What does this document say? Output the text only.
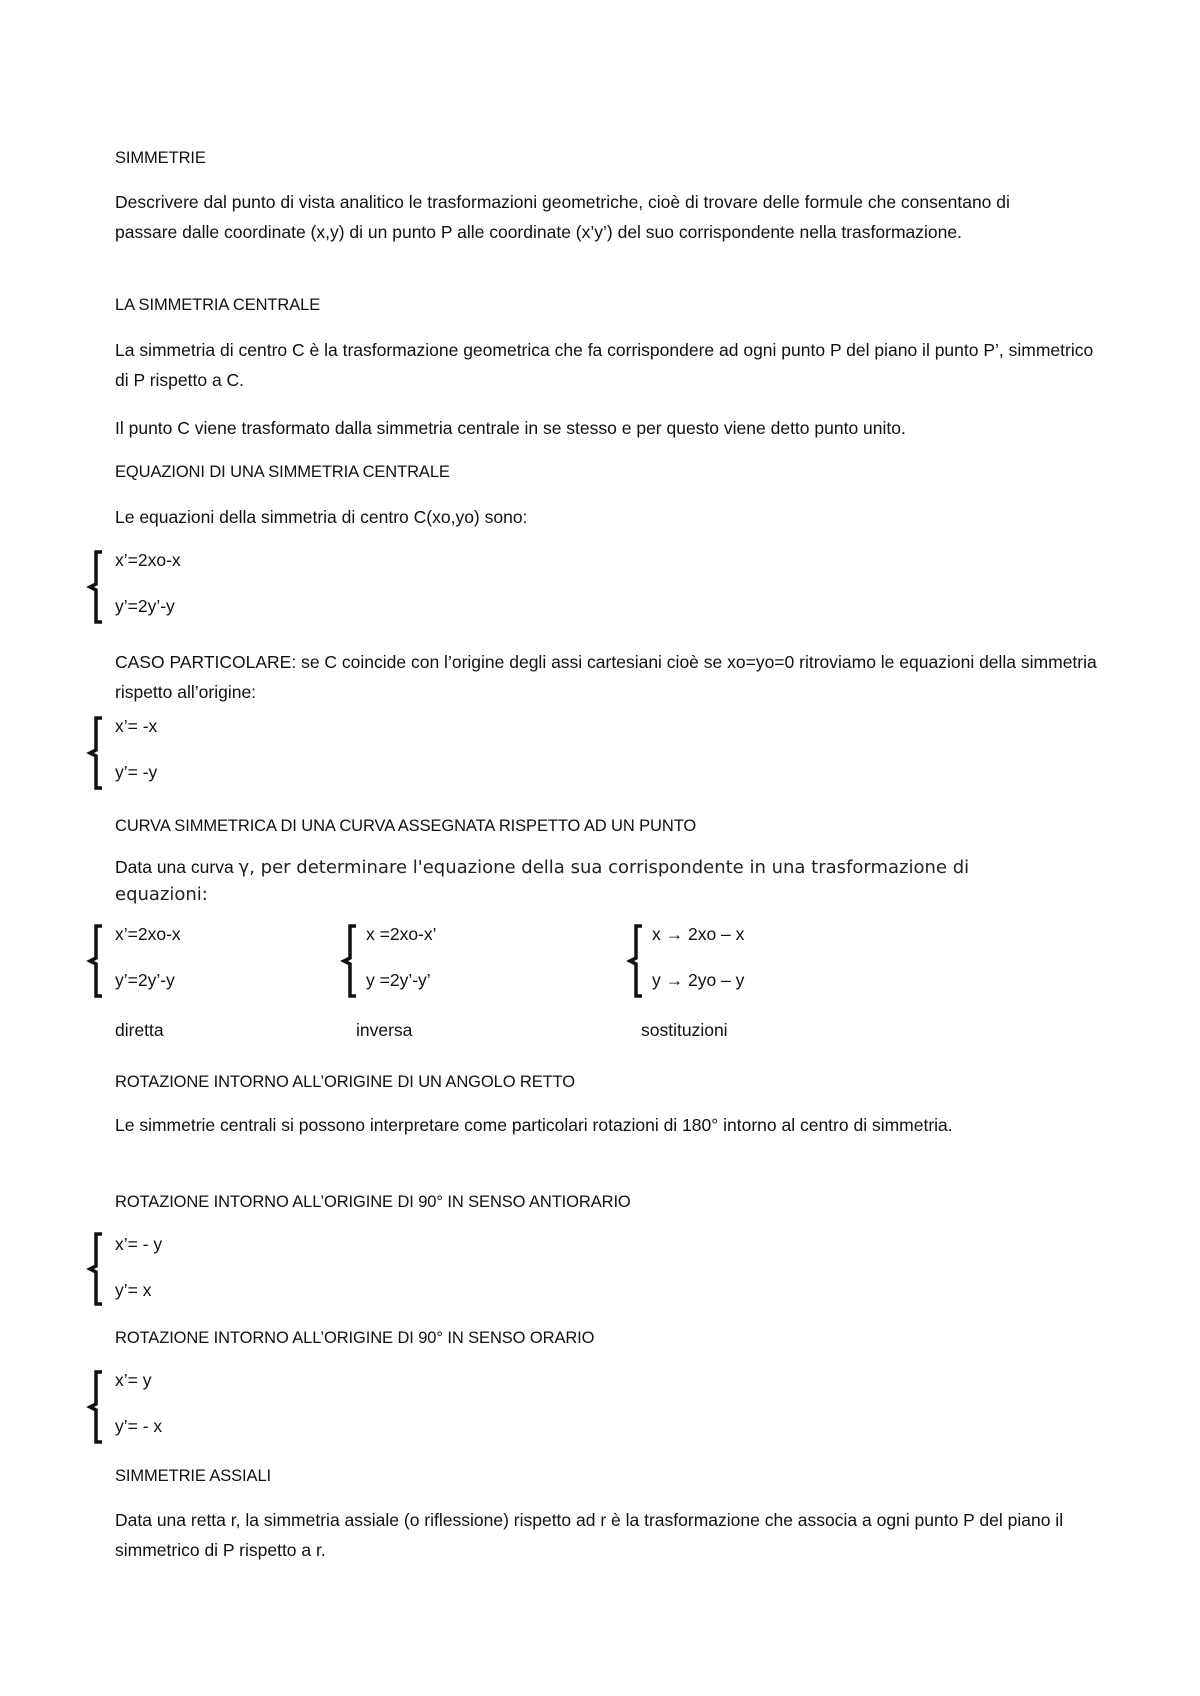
SIMMETRIE
Descrivere dal punto di vista analitico le trasformazioni geometriche, cioè di trovare delle formule che consentano di passare dalle coordinate (x,y) di un punto P alle coordinate (x’y’) del suo corrispondente nella trasformazione.
LA SIMMETRIA CENTRALE
La simmetria di centro C è la trasformazione geometrica che fa corrispondere ad ogni punto P del piano il punto P’, simmetrico di P rispetto a C.
Il punto C viene trasformato dalla simmetria centrale in se stesso e per questo viene detto punto unito.
EQUAZIONI DI UNA SIMMETRIA CENTRALE
Le equazioni della simmetria di centro C(xo,yo) sono:
x’=2xo-x
y’=2y’-y
CASO PARTICOLARE: se C coincide con l’origine degli assi cartesiani cioè se xo=yo=0 ritroviamo le equazioni della simmetria rispetto all’origine:
x’= -x
y’= -y
CURVA SIMMETRICA DI UNA CURVA ASSEGNATA RISPETTO AD UN PUNTO
Data una curva γ, per determinare l'equazione della sua corrispondente in una trasformazione di equazioni:
x’=2xo-x
y’=2y’-y
x =2xo-x’
y =2y’-y’
x → 2xo – x
y → 2yo – y
diretta	inversa	sostituzioni
ROTAZIONE INTORNO ALL’ORIGINE DI UN ANGOLO RETTO
Le simmetrie centrali si possono interpretare come particolari rotazioni di 180° intorno al centro di simmetria.
ROTAZIONE INTORNO ALL’ORIGINE DI 90° IN SENSO ANTIORARIO
x’= - y
y’= x
ROTAZIONE INTORNO ALL’ORIGINE DI 90° IN SENSO ORARIO
x’= y
y’= - x
SIMMETRIE ASSIALI
Data una retta r, la simmetria assiale (o riflessione) rispetto ad r è la trasformazione che associa a ogni punto P del piano il simmetrico di P rispetto a r.
